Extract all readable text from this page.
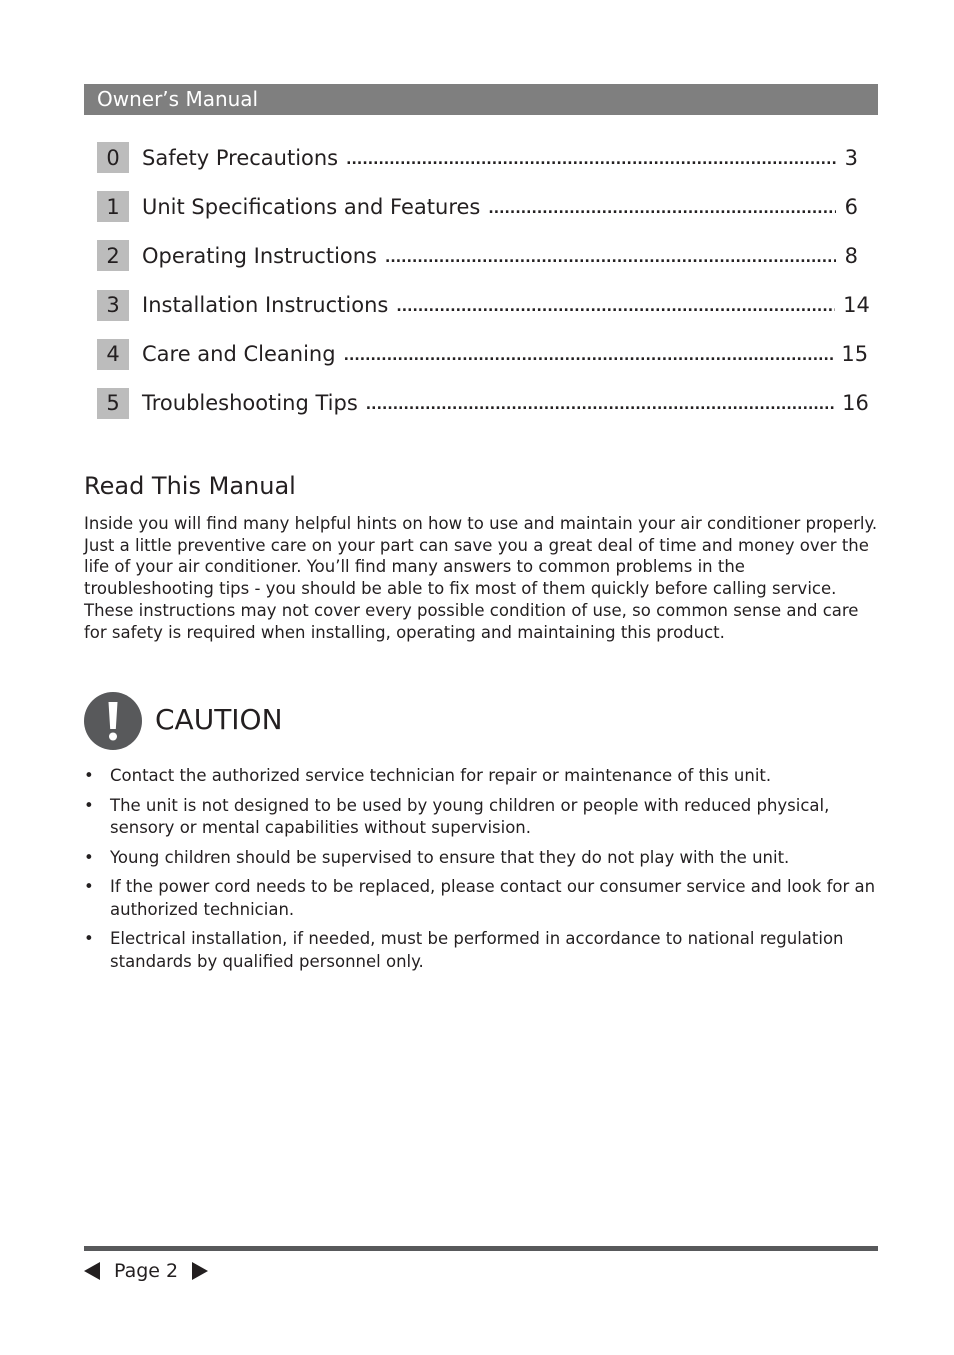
Owner’s Manual
0	Safety Precautions . . .	3
1	Unit Specifications and Features . . .	6
2	Operating Instructions . . .	8
3	Installation Instructions . . .	14
4	Care and Cleaning . . .	15
5	Troubleshooting Tips . . .	16
Read This Manual

Inside you will find many helpful hints on how to use and maintain your air conditioner properly. Just a little preventive care on your part can save you a great deal of time and money over the life of your air conditioner. You’ll find many answers to common problems in the troubleshooting tips - you should be able to fix most of them quickly before calling service. These instructions may not cover every possible condition of use, so common sense and care for safety is required when installing, operating and maintaining this product.

CAUTION
• Contact the authorized service technician for repair or maintenance of this unit.
• The unit is not designed to be used by young children or people with reduced physical, sensory or mental capabilities without supervision.
• Young children should be supervised to ensure that they do not play with the unit.
• If the power cord needs to be replaced, please contact our consumer service and look for an authorized technician.
• Electrical installation, if needed, must be performed in accordance to national regulation standards by qualified personnel only.
Page 2
